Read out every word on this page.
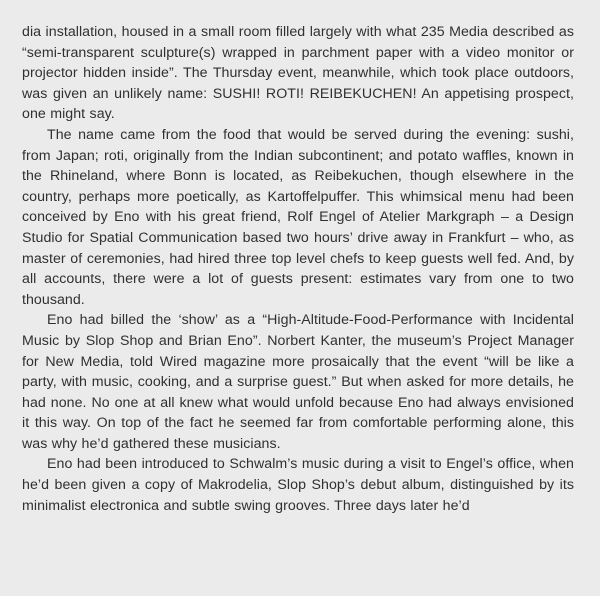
dia installation, housed in a small room filled largely with what 235 Media described as “semi-transparent sculpture(s) wrapped in parchment paper with a video monitor or projector hidden inside”. The Thursday event, meanwhile, which took place outdoors, was given an unlikely name: SUSHI! ROTI! REIBEKUCHEN! An appetising prospect, one might say.

The name came from the food that would be served during the evening: sushi, from Japan; roti, originally from the Indian subcontinent; and potato waffles, known in the Rhineland, where Bonn is located, as Reibekuchen, though elsewhere in the country, perhaps more poetically, as Kartoffelpuffer. This whimsical menu had been conceived by Eno with his great friend, Rolf Engel of Atelier Markgraph – a Design Studio for Spatial Communication based two hours’ drive away in Frankfurt – who, as master of ceremonies, had hired three top level chefs to keep guests well fed. And, by all accounts, there were a lot of guests present: estimates vary from one to two thousand.

Eno had billed the ‘show’ as a “High-Altitude-Food-Performance with Incidental Music by Slop Shop and Brian Eno”. Norbert Kanter, the museum’s Project Manager for New Media, told Wired magazine more prosaically that the event “will be like a party, with music, cooking, and a surprise guest.” But when asked for more details, he had none. No one at all knew what would unfold because Eno had always envisioned it this way. On top of the fact he seemed far from comfortable performing alone, this was why he’d gathered these musicians.

Eno had been introduced to Schwalm’s music during a visit to Engel’s office, when he’d been given a copy of Makrodelia, Slop Shop’s debut album, distinguished by its minimalist electronica and subtle swing grooves. Three days later he’d
